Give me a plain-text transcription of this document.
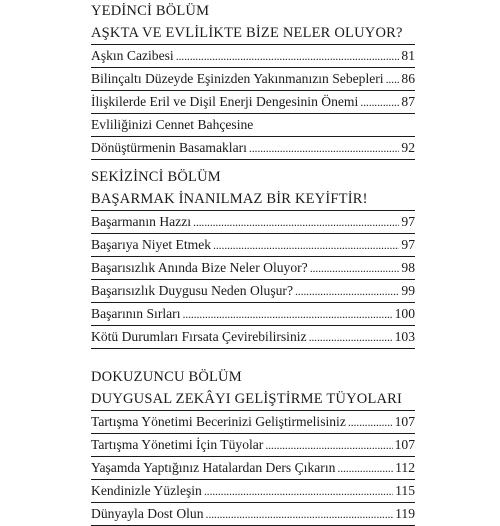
YEDİNCİ BÖLÜM
AŞKTA VE EVLİLİKTE BİZE NELER OLUYOR?
Aşkın Cazibesi . . .	81
Bilinçaltı Düzeyde Eşinizden Yakınmanızın Sebepleri . . . 86
İlişkilerde Eril ve Dişil Enerji Dengesinin Önemi . . .	87
Evliliğinizi Cennet Bahçesine
Dönüştürmenin Basamakları . . .	92
SEKİZİNCİ BÖLÜM
BAŞARMAK İNANILMAZ BİR KEYİFTİR!
Başarmanın Hazzı . . .	97
Başarıya Niyet Etmek . . .	97
Başarısızlık Anında Bize Neler Oluyor? . . .	98
Başarısızlık Duygusu Neden Oluşur? . . .	99
Başarının Sırları . . .	100
Kötü Durumları Fırsata Çevirebilirsiniz . . .	103
DOKUZUNCU BÖLÜM
DUYGUSAL ZEKÂYI GELİŞTİRME TÜYOLARI
Tartışma Yönetimi Becerinizi Geliştirmelisiniz . . .	107
Tartışma Yönetimi İçin Tüyolar . . .	107
Yaşamda Yaptığınız Hatalardan Ders Çıkarın . . .	112
Kendinizle Yüzleşin . . .	115
Dünyayla Dost Olun . . .	119
